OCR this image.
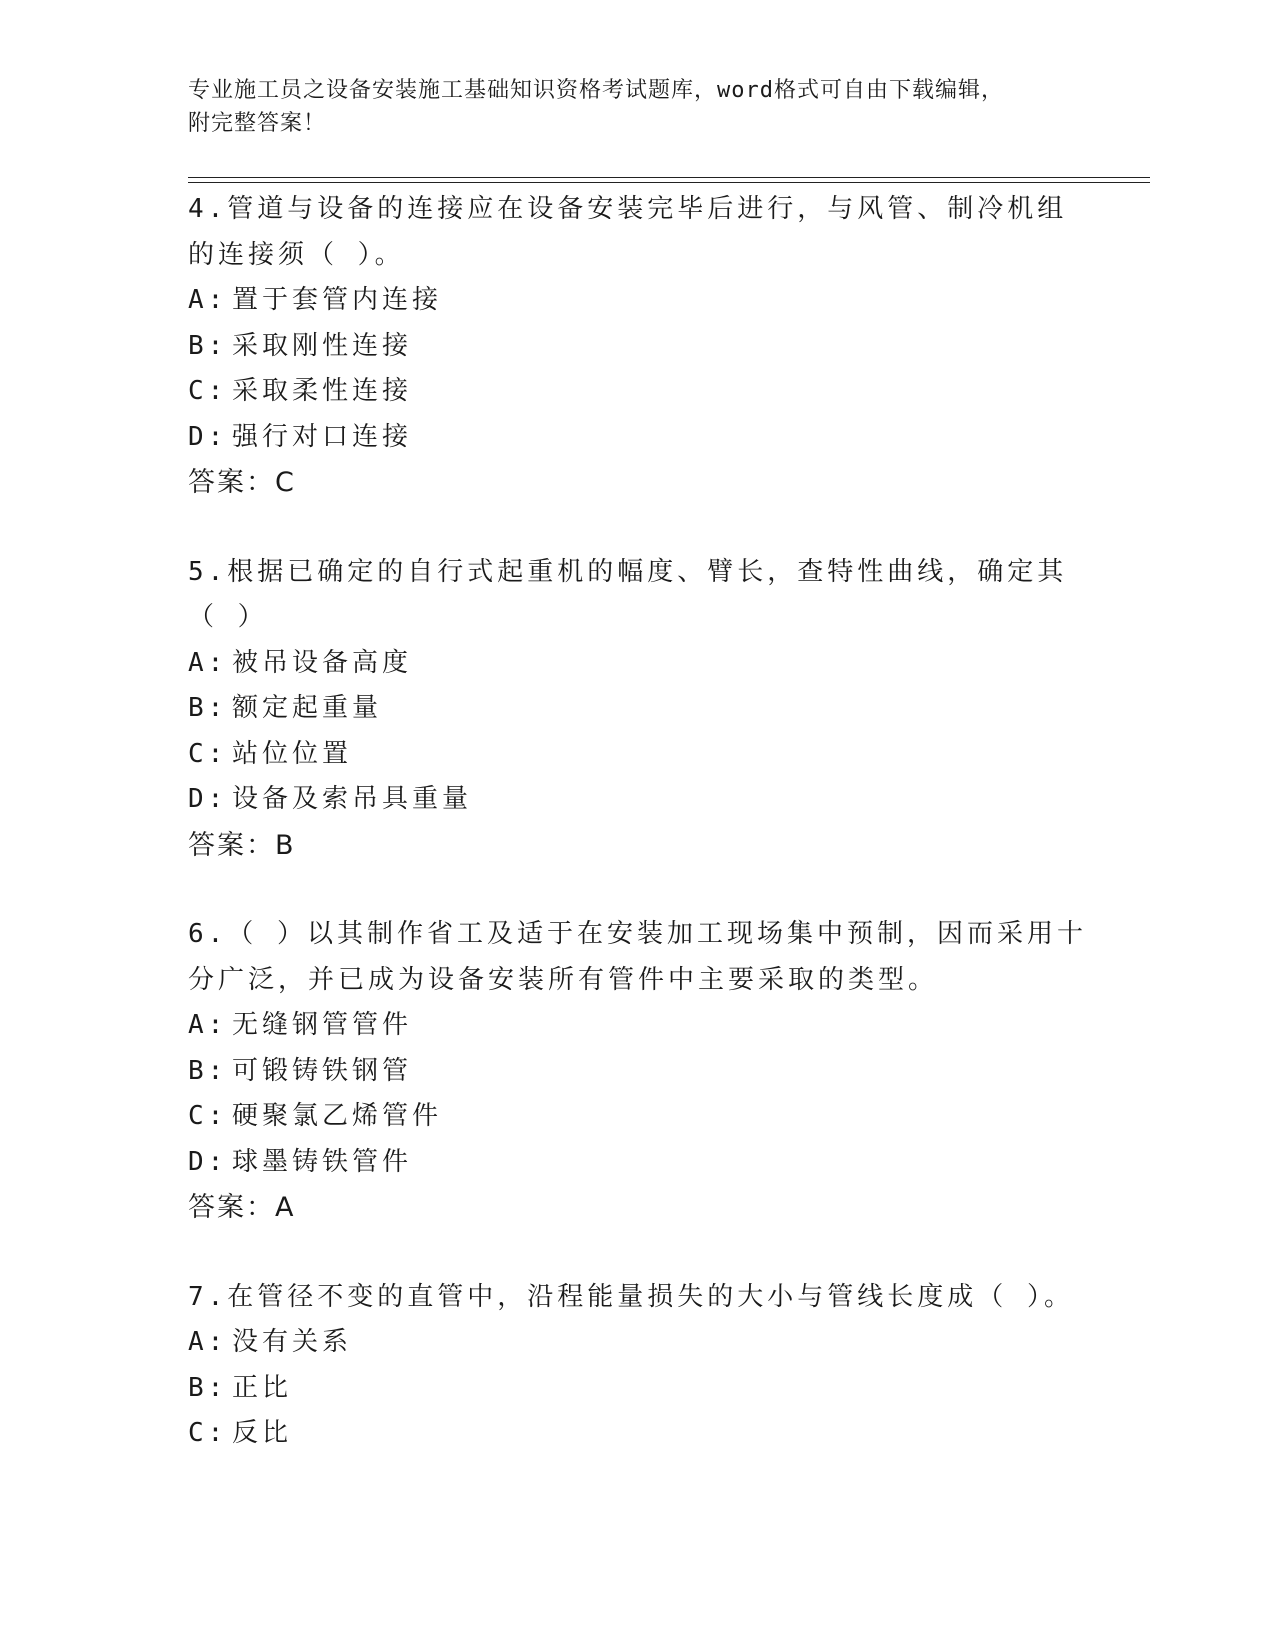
专业施工员之设备安装施工基础知识资格考试题库，word格式可自由下载编辑，
附完整答案！

4.管道与设备的连接应在设备安装完毕后进行，与风管、制冷机组的连接须（ ）。

A: 置于套管内连接

B: 采取刚性连接

C: 采取柔性连接

D: 强行对口连接

答案：C

5.根据已确定的自行式起重机的幅度、臂长，查特性曲线，确定其（ ）

A: 被吊设备高度

B: 额定起重量

C: 站位位置

D: 设备及索吊具重量

答案：B

6.（ ）以其制作省工及适于在安装加工现场集中预制，因而采用十分广泛，并已成为设备安装所有管件中主要采取的类型。

A: 无缝钢管管件

B: 可锻铸铁钢管

C: 硬聚氯乙烯管件

D: 球墨铸铁管件

答案：A

7.在管径不变的直管中，沿程能量损失的大小与管线长度成（ ）。

A: 没有关系

B: 正比

C: 反比
